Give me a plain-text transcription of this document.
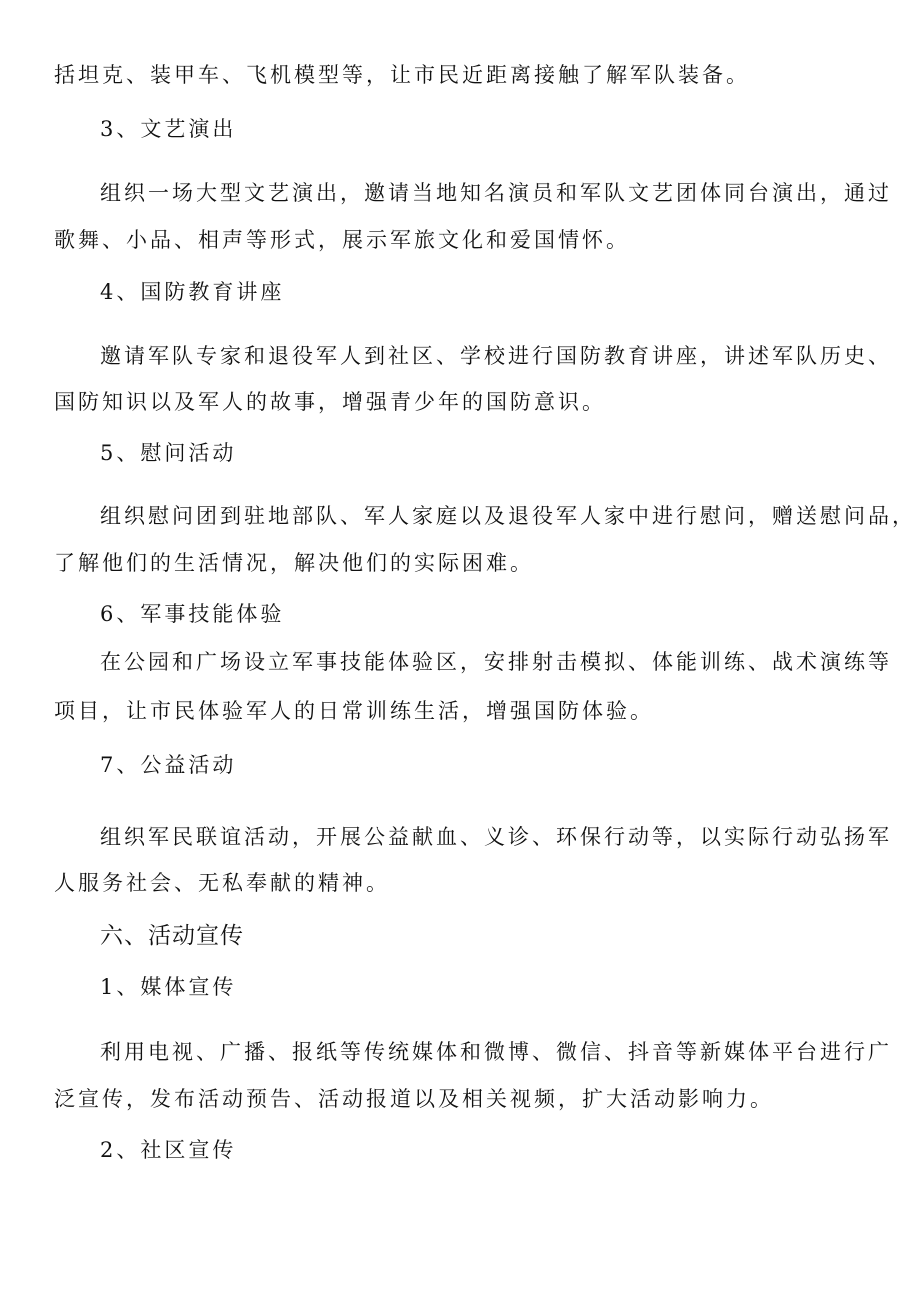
括坦克、装甲车、飞机模型等，让市民近距离接触了解军队装备。
3、文艺演出
组织一场大型文艺演出，邀请当地知名演员和军队文艺团体同台演出，通过
歌舞、小品、相声等形式，展示军旅文化和爱国情怀。
4、国防教育讲座
邀请军队专家和退役军人到社区、学校进行国防教育讲座，讲述军队历史、
国防知识以及军人的故事，增强青少年的国防意识。
5、慰问活动
组织慰问团到驻地部队、军人家庭以及退役军人家中进行慰问，赠送慰问品，
了解他们的生活情况，解决他们的实际困难。
6、军事技能体验
在公园和广场设立军事技能体验区，安排射击模拟、体能训练、战术演练等
项目，让市民体验军人的日常训练生活，增强国防体验。
7、公益活动
组织军民联谊活动，开展公益献血、义诊、环保行动等，以实际行动弘扬军
人服务社会、无私奉献的精神。
六、活动宣传
1、媒体宣传
利用电视、广播、报纸等传统媒体和微博、微信、抖音等新媒体平台进行广
泛宣传，发布活动预告、活动报道以及相关视频，扩大活动影响力。
2、社区宣传
